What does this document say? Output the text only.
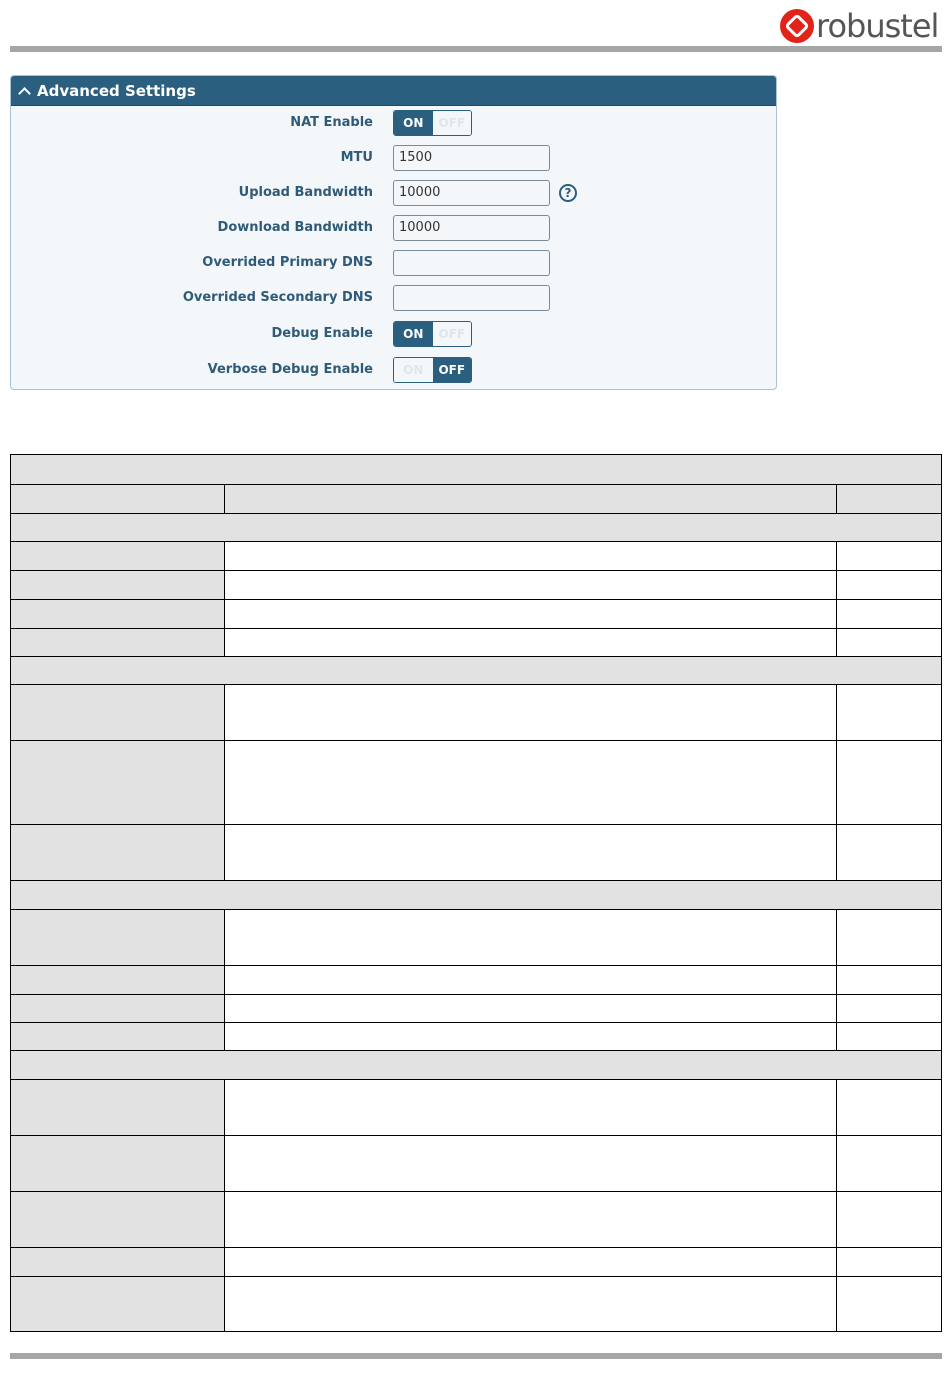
robustel
Advanced Settings
NAT Enable	ON	OFF
MTU	1500
Upload Bandwidth	10000	?
Download Bandwidth	10000
Overrided Primary DNS
Overrided Secondary DNS
Debug Enable	ON	OFF
Verbose Debug Enable	ON	OFF
